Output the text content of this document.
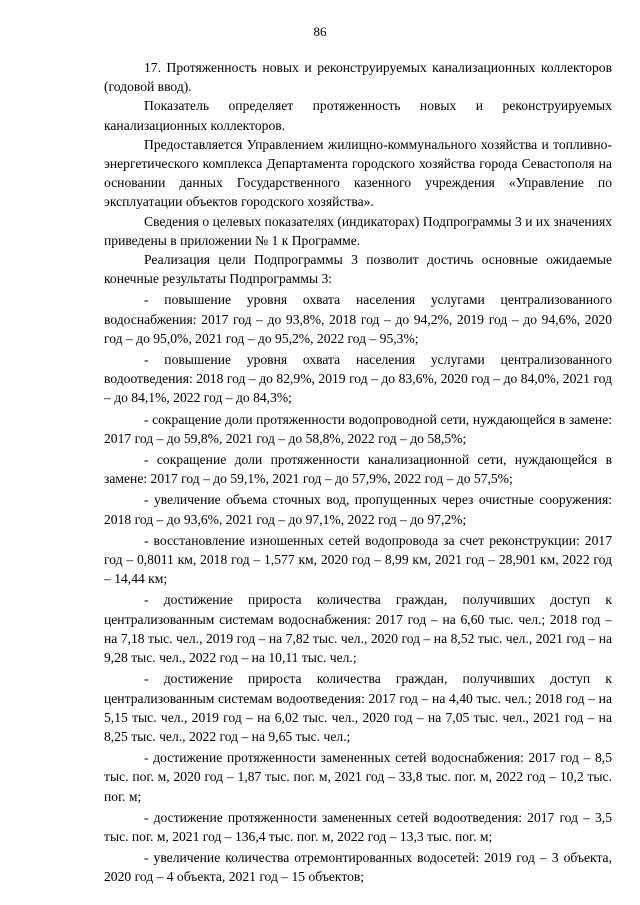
86

17. Протяженность новых и реконструируемых канализационных коллекторов (годовой ввод).

Показатель определяет протяженность новых и реконструируемых канализационных коллекторов.

Предоставляется Управлением жилищно-коммунального хозяйства и топливно-энергетического комплекса Департамента городского хозяйства города Севастополя на основании данных Государственного казенного учреждения «Управление по эксплуатации объектов городского хозяйства».

Сведения о целевых показателях (индикаторах) Подпрограммы 3 и их значениях приведены в приложении № 1 к Программе.

Реализация цели Подпрограммы 3 позволит достичь основные ожидаемые конечные результаты Подпрограммы 3:

- повышение уровня охвата населения услугами централизованного водоснабжения: 2017 год – до 93,8%, 2018 год – до 94,2%, 2019 год – до 94,6%, 2020 год – до 95,0%, 2021 год – до 95,2%, 2022 год – 95,3%;

- повышение уровня охвата населения услугами централизованного водоотведения: 2018 год – до 82,9%, 2019 год – до 83,6%, 2020 год – до 84,0%, 2021 год – до 84,1%, 2022 год – до 84,3%;

- сокращение доли протяженности водопроводной сети, нуждающейся в замене: 2017 год – до 59,8%, 2021 год – до 58,8%, 2022 год – до 58,5%;

- сокращение доли протяженности канализационной сети, нуждающейся в замене: 2017 год – до 59,1%, 2021 год – до 57,9%, 2022 год – до 57,5%;

- увеличение объема сточных вод, пропущенных через очистные сооружения: 2018 год – до 93,6%, 2021 год – до 97,1%, 2022 год – до 97,2%;

- восстановление изношенных сетей водопровода за счет реконструкции: 2017 год – 0,8011 км, 2018 год – 1,577 км, 2020 год – 8,99 км, 2021 год – 28,901 км, 2022 год – 14,44 км;

- достижение прироста количества граждан, получивших доступ к централизованным системам водоснабжения: 2017 год – на 6,60 тыс. чел.; 2018 год – на 7,18 тыс. чел., 2019 год – на 7,82 тыс. чел., 2020 год – на 8,52 тыс. чел., 2021 год – на 9,28 тыс. чел., 2022 год – на 10,11 тыс. чел.;

- достижение прироста количества граждан, получивших доступ к централизованным системам водоотведения: 2017 год – на 4,40 тыс. чел.; 2018 год – на 5,15 тыс. чел., 2019 год – на 6,02 тыс. чел., 2020 год – на 7,05 тыс. чел., 2021 год – на 8,25 тыс. чел., 2022 год – на 9,65 тыс. чел.;

- достижение протяженности замененных сетей водоснабжения: 2017 год – 8,5 тыс. пог. м, 2020 год – 1,87 тыс. пог. м, 2021 год – 33,8 тыс. пог. м, 2022 год – 10,2 тыс. пог. м;

- достижение протяженности замененных сетей водоотведения: 2017 год – 3,5 тыс. пог. м, 2021 год – 136,4 тыс. пог. м, 2022 год – 13,3 тыс. пог. м;

- увеличение количества отремонтированных водосетей: 2019 год – 3 объекта, 2020 год – 4 объекта, 2021 год – 15 объектов;
